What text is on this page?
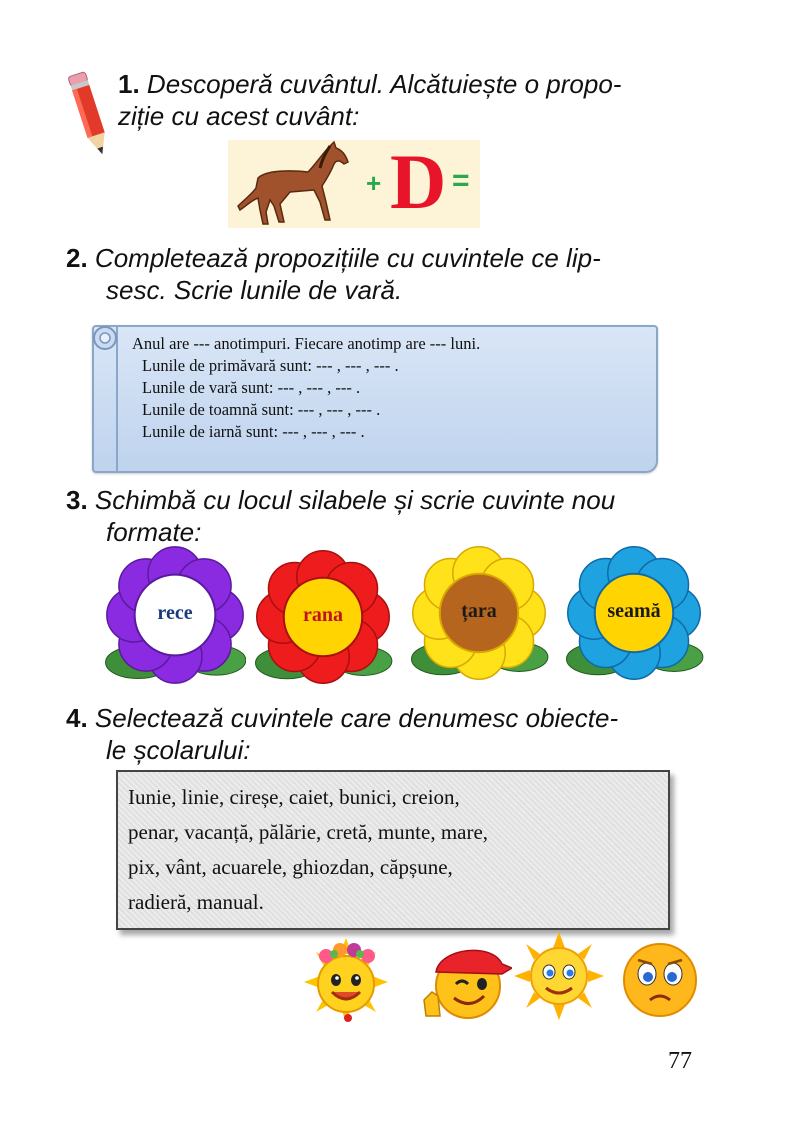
1. Descoperă cuvântul. Alcătuiește o propo-
ziție cu acest cuvânt:
+ D =
2. Completează propozițiile cu cuvintele ce lip-
sesc. Scrie lunile de vară.
Anul are --- anotimpuri. Fiecare anotimp are --- luni.
Lunile de primăvară sunt: --- , --- , --- .
Lunile de vară sunt: --- , --- , --- .
Lunile de toamnă sunt: --- , --- , --- .
Lunile de iarnă sunt: --- , --- , --- .
3. Schimbă cu locul silabele și scrie cuvinte nou
formate:
rece	rana	țara	seamă
4. Selectează cuvintele care denumesc obiecte-
le școlarului:
Iunie, linie, cireșe, caiet, bunici, creion,
penar, vacanță, pălărie, cretă, munte, mare,
pix, vânt, acuarele, ghiozdan, căpșune,
radieră, manual.
77
